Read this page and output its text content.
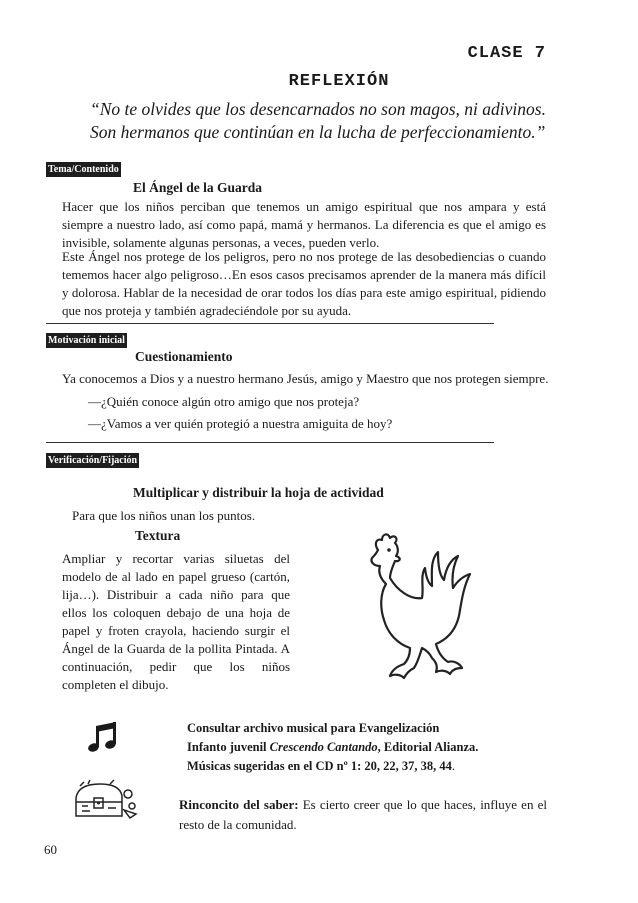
CLASE 7
REFLEXIÓN
“No te olvides que los desencarnados no son magos, ni adivinos.
Son hermanos que continúan en la lucha de perfeccionamiento.”
Tema/Contenido
El Ángel de la Guarda
Hacer que los niños perciban que tenemos un amigo espiritual que nos ampara y está siempre a nuestro lado, así como papá, mamá y hermanos. La diferencia es que el amigo es invisible, solamente algunas personas, a veces, pueden verlo.
Este Ángel nos protege de los peligros, pero no nos protege de las desobediencias o cuando tememos hacer algo peligroso…En esos casos precisamos aprender de la manera más difícil y dolorosa. Hablar de la necesidad de orar todos los días para este amigo espiritual, pidiendo que nos proteja y también agradeciéndole por su ayuda.
Motivación inicial
Cuestionamiento
Ya conocemos a Dios y a nuestro hermano Jesús, amigo y Maestro que nos protegen siempre.
—¿Quién conoce algún otro amigo que nos proteja?
—¿Vamos a ver quién protegió a nuestra amiguita de hoy?
Verificación/Fijación
Multiplicar y distribuir la hoja de actividad
Para que los niños unan los puntos.
Textura
Ampliar y recortar varias siluetas del modelo de al lado en papel grueso (cartón, lija…). Distribuir a cada niño para que ellos los coloquen debajo de una hoja de papel y froten crayola, haciendo surgir el Ángel de la Guarda de la pollita Pintada. A continuación, pedir que los niños completen el dibujo.
Consultar archivo musical para Evangelización
Infanto juvenil Crescendo Cantando, Editorial Alianza.
Músicas sugeridas en el CD nº 1: 20, 22, 37, 38, 44.
Rinconcito del saber: Es cierto creer que lo que haces, influye en el resto de la comunidad.
60
